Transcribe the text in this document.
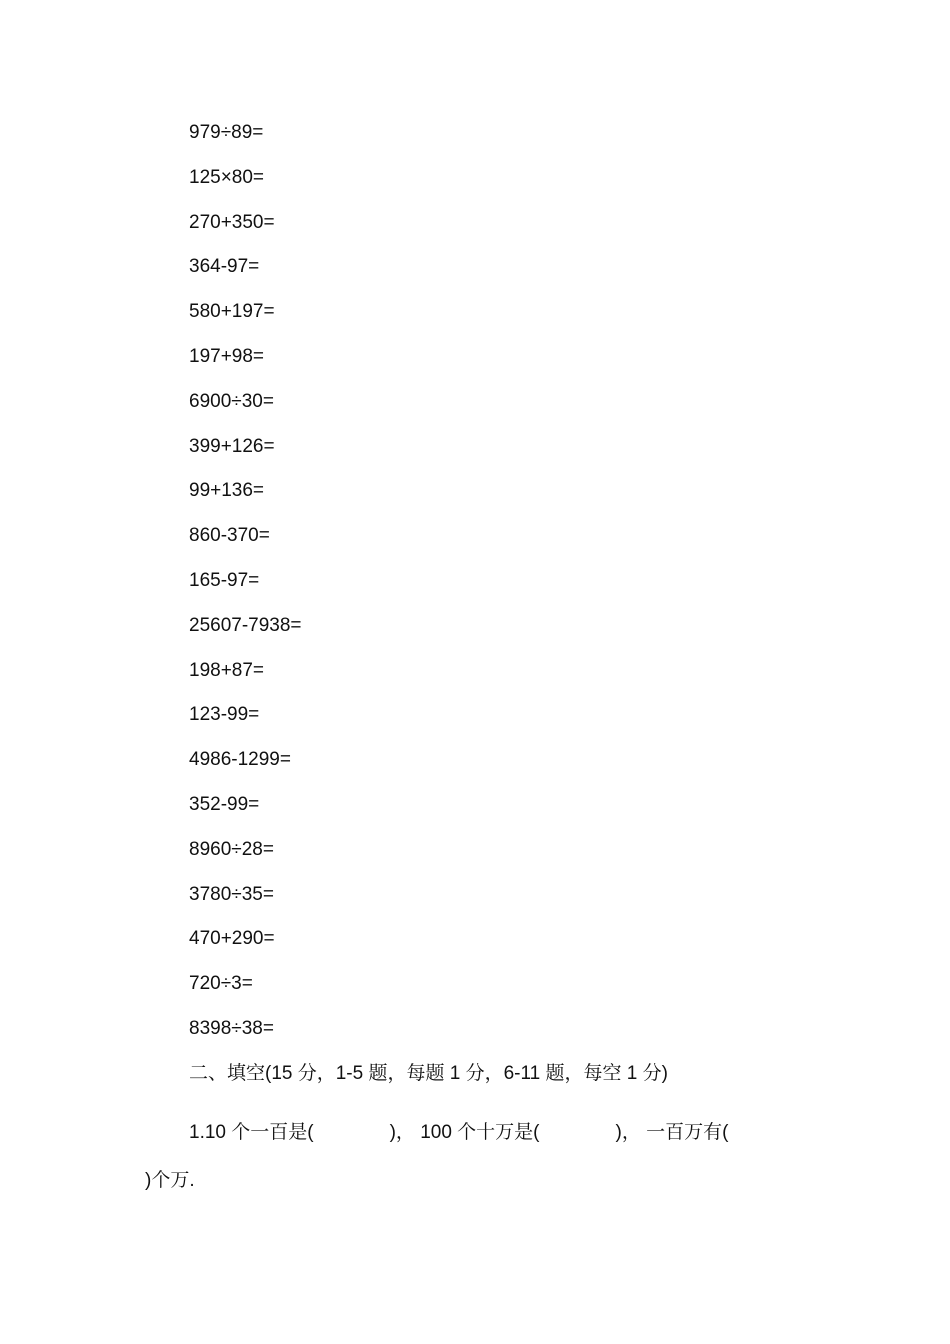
979÷89=
125×80=
270+350=
364-97=
580+197=
197+98=
6900÷30=
399+126=
99+136=
860-370=
165-97=
25607-7938=
198+87=
123-99=
4986-1299=
352-99=
8960÷28=
3780÷35=
470+290=
720÷3=
8398÷38=
二、填空(15 分，1-5 题，每题 1 分，6-11 题，每空 1 分)
1.10 个一百是(	)， 100 个十万是(	)， 一百万有(
)个万.
